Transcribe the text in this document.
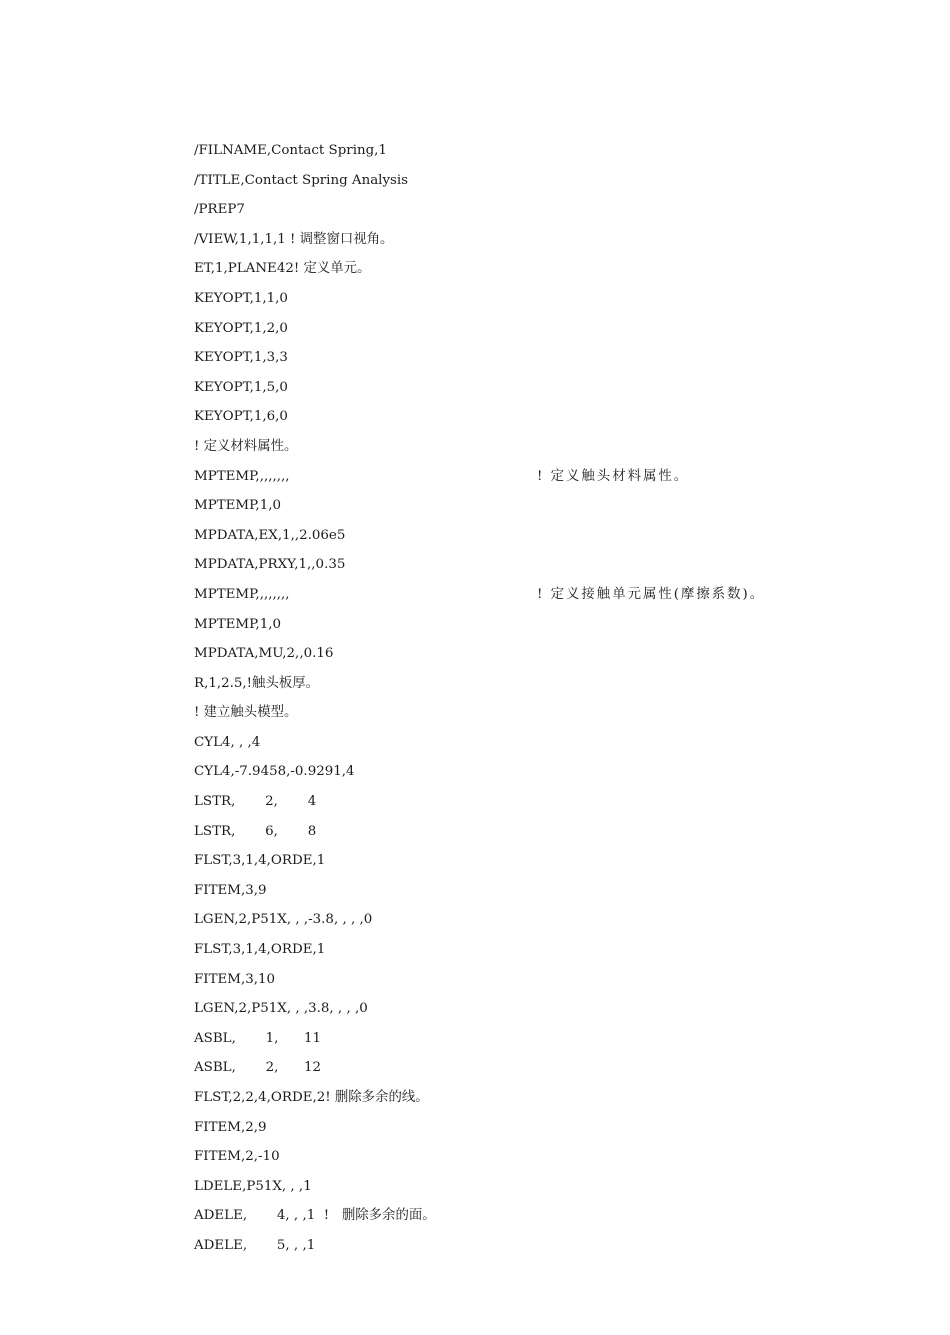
/FILNAME,Contact Spring,1
/TITLE,Contact Spring Analysis
/PREP7
/VIEW,1,1,1,1 ! 调整窗口视角。
ET,1,PLANE42! 定义单元。
KEYOPT,1,1,0
KEYOPT,1,2,0
KEYOPT,1,3,3
KEYOPT,1,5,0
KEYOPT,1,6,0
! 定义材料属性。
MPTEMP,,,,,,,,	! 定义触头材料属性。
MPTEMP,1,0
MPDATA,EX,1,,2.06e5
MPDATA,PRXY,1,,0.35
MPTEMP,,,,,,,,	! 定义接触单元属性(摩擦系数)。
MPTEMP,1,0
MPDATA,MU,2,,0.16
R,1,2.5,!触头板厚。
! 建立触头模型。
CYL4, , ,4
CYL4,-7.9458,-0.9291,4
LSTR,       2,       4
LSTR,       6,       8
FLST,3,1,4,ORDE,1
FITEM,3,9
LGEN,2,P51X, , ,-3.8, , , ,0
FLST,3,1,4,ORDE,1
FITEM,3,10
LGEN,2,P51X, , ,3.8, , , ,0
ASBL,       1,      11
ASBL,       2,      12
FLST,2,2,4,ORDE,2! 删除多余的线。
FITEM,2,9
FITEM,2,-10
LDELE,P51X, , ,1
ADELE,       4, , ,1  !   删除多余的面。
ADELE,       5, , ,1
